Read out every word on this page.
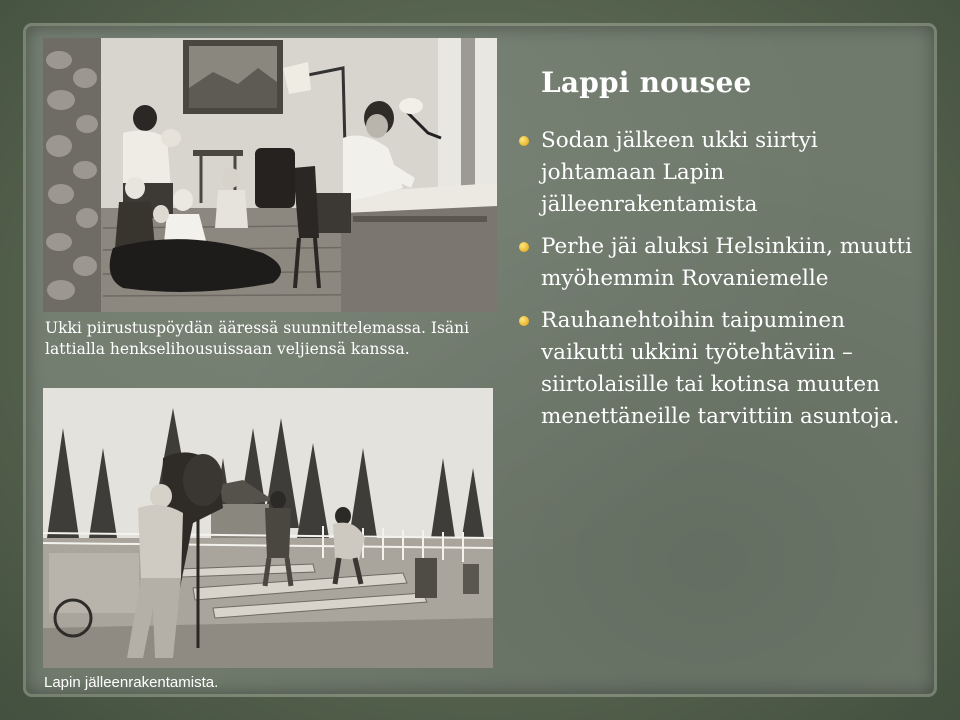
Ukki piirustuspöydän ääressä suunnittelemassa. Isäni lattialla henkselihousuissaan veljiensä kanssa.
Lapin jälleenrakentamista.
Lappi nousee
Sodan jälkeen ukki siirtyi johtamaan Lapin jälleenrakentamista
Perhe jäi aluksi Helsinkiin, muutti myöhemmin Rovaniemelle
Rauhanehtoihin taipuminen vaikutti ukkini työtehtäviin – siirtolaisille tai kotinsa muuten menettäneille tarvittiin asuntoja.
